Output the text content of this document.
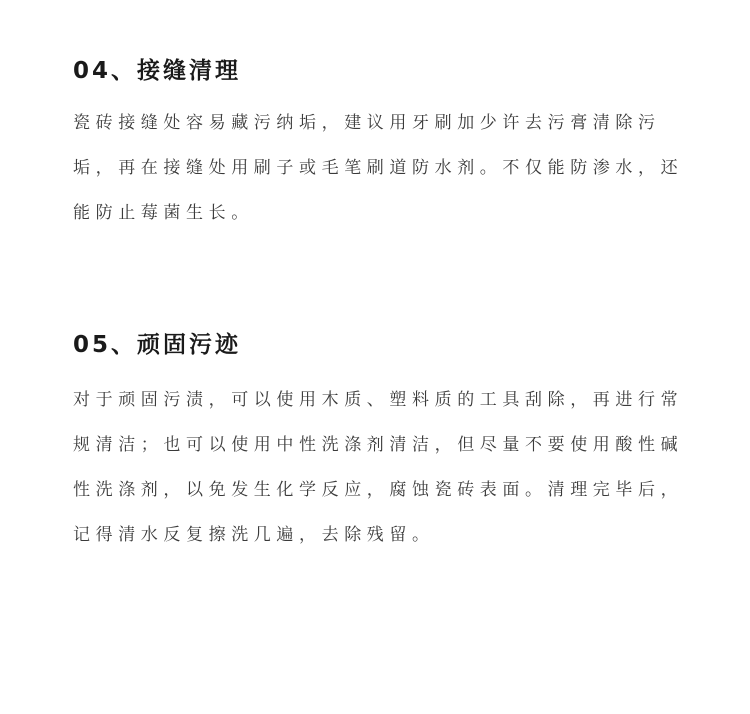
04、接缝清理

瓷砖接缝处容易藏污纳垢，建议用牙刷加少许去污膏清除污垢，再在接缝处用刷子或毛笔刷道防水剂。不仅能防渗水，还能防止莓菌生长。

05、顽固污迹

对于顽固污渍，可以使用木质、塑料质的工具刮除，再进行常规清洁；也可以使用中性洗涤剂清洁，但尽量不要使用酸性碱性洗涤剂，以免发生化学反应，腐蚀瓷砖表面。清理完毕后，记得清水反复擦洗几遍，去除残留。
